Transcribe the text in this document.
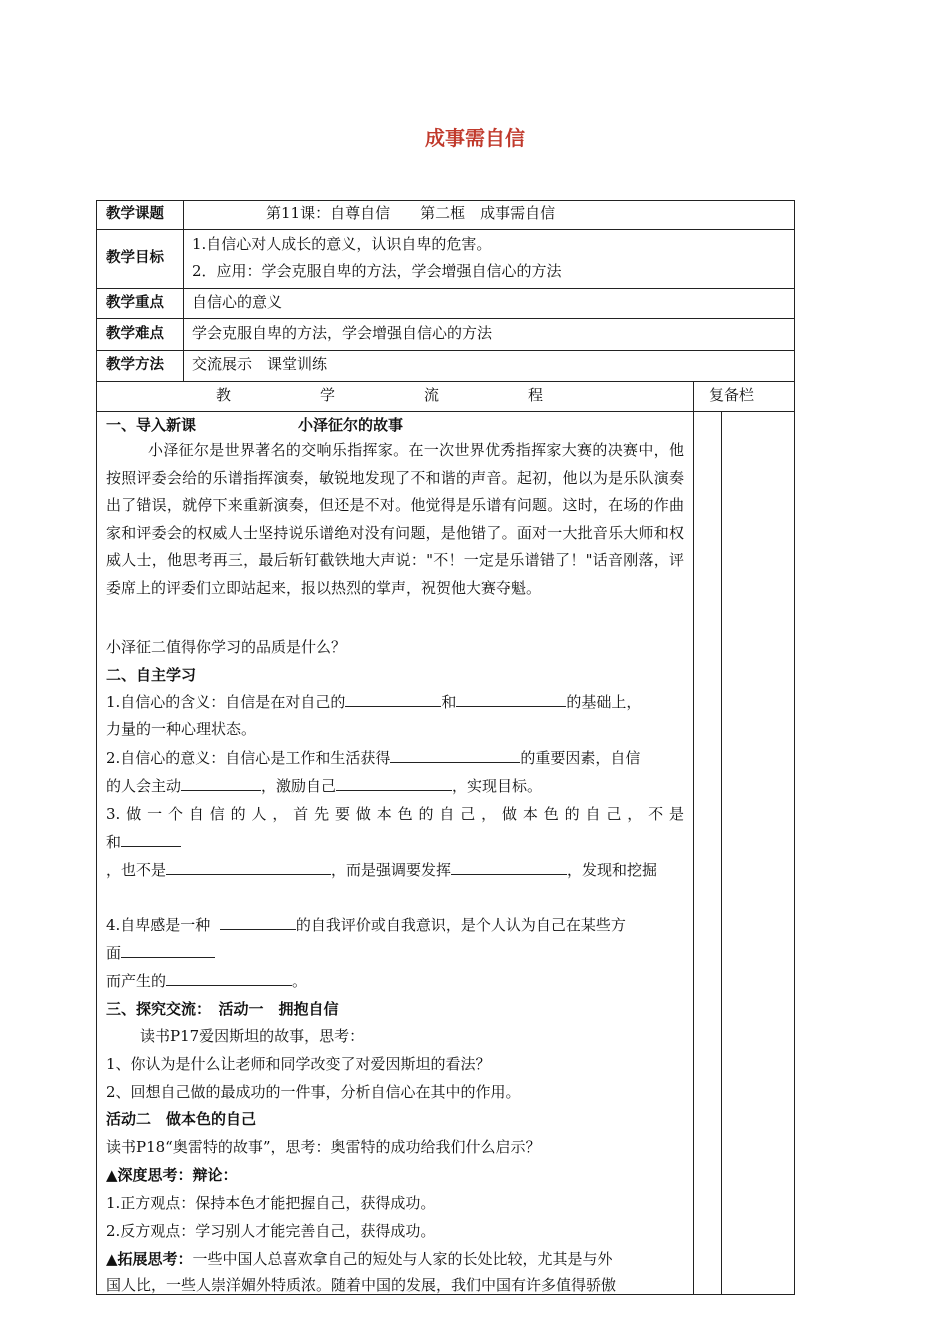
成事需自信
教学课题	第11课：自尊自信　　第二框　成事需自信
教学目标
1.自信心对人成长的意义，认识自卑的危害。
2．应用：学会克服自卑的方法，学会增强自信心的方法
教学重点 自信心的意义
教学难点 学会克服自卑的方法，学会增强自信心的方法
教学方法 交流展示　课堂训练
教	学	流	程	复备栏
一、导入新课	小泽征尔的故事
小泽征尔是世界著名的交响乐指挥家。在一次世界优秀指挥家大赛的决赛中，他按照评委会给的乐谱指挥演奏，敏锐地发现了不和谐的声音。起初，他以为是乐队演奏出了错误，就停下来重新演奏，但还是不对。他觉得是乐谱有问题。这时，在场的作曲家和评委会的权威人士坚持说乐谱绝对没有问题，是他错了。面对一大批音乐大师和权威人士，他思考再三，最后斩钉截铁地大声说："不！一定是乐谱错了！"话音刚落，评委席上的评委们立即站起来，报以热烈的掌声，祝贺他大赛夺魁。
小泽征二值得你学习的品质是什么？
二、自主学习
1.自信心的含义：自信是在对自己的	和	的基础上，
力量的一种心理状态。
2.自信心的意义：自信心是工作和生活获得	的重要因素，自信
的人会主动	，激励自己	，实现目标。
3.做一个自信的人，首先要做本色的自己，做本色的自己，不是
和
，也不是	，而是强调要发挥	，发现和挖掘
4.自卑感是一种	的自我评价或自我意识，是个人认为自己在某些方
面
而产生的	。
三、探究交流：　活动一　拥抱自信
读书P17爱因斯坦的故事，思考：
1、你认为是什么让老师和同学改变了对爱因斯坦的看法？
2、回想自己做的最成功的一件事，分析自信心在其中的作用。
活动二　做本色的自己
读书P18“奥雷特的故事”，思考：奥雷特的成功给我们什么启示？
▲深度思考：辩论：
1.正方观点：保持本色才能把握自己，获得成功。
2.反方观点：学习别人才能完善自己，获得成功。
▲拓展思考：一些中国人总喜欢拿自己的短处与人家的长处比较，尤其是与外
国人比，一些人崇洋媚外特质浓。随着中国的发展，我们中国有许多值得骄傲
